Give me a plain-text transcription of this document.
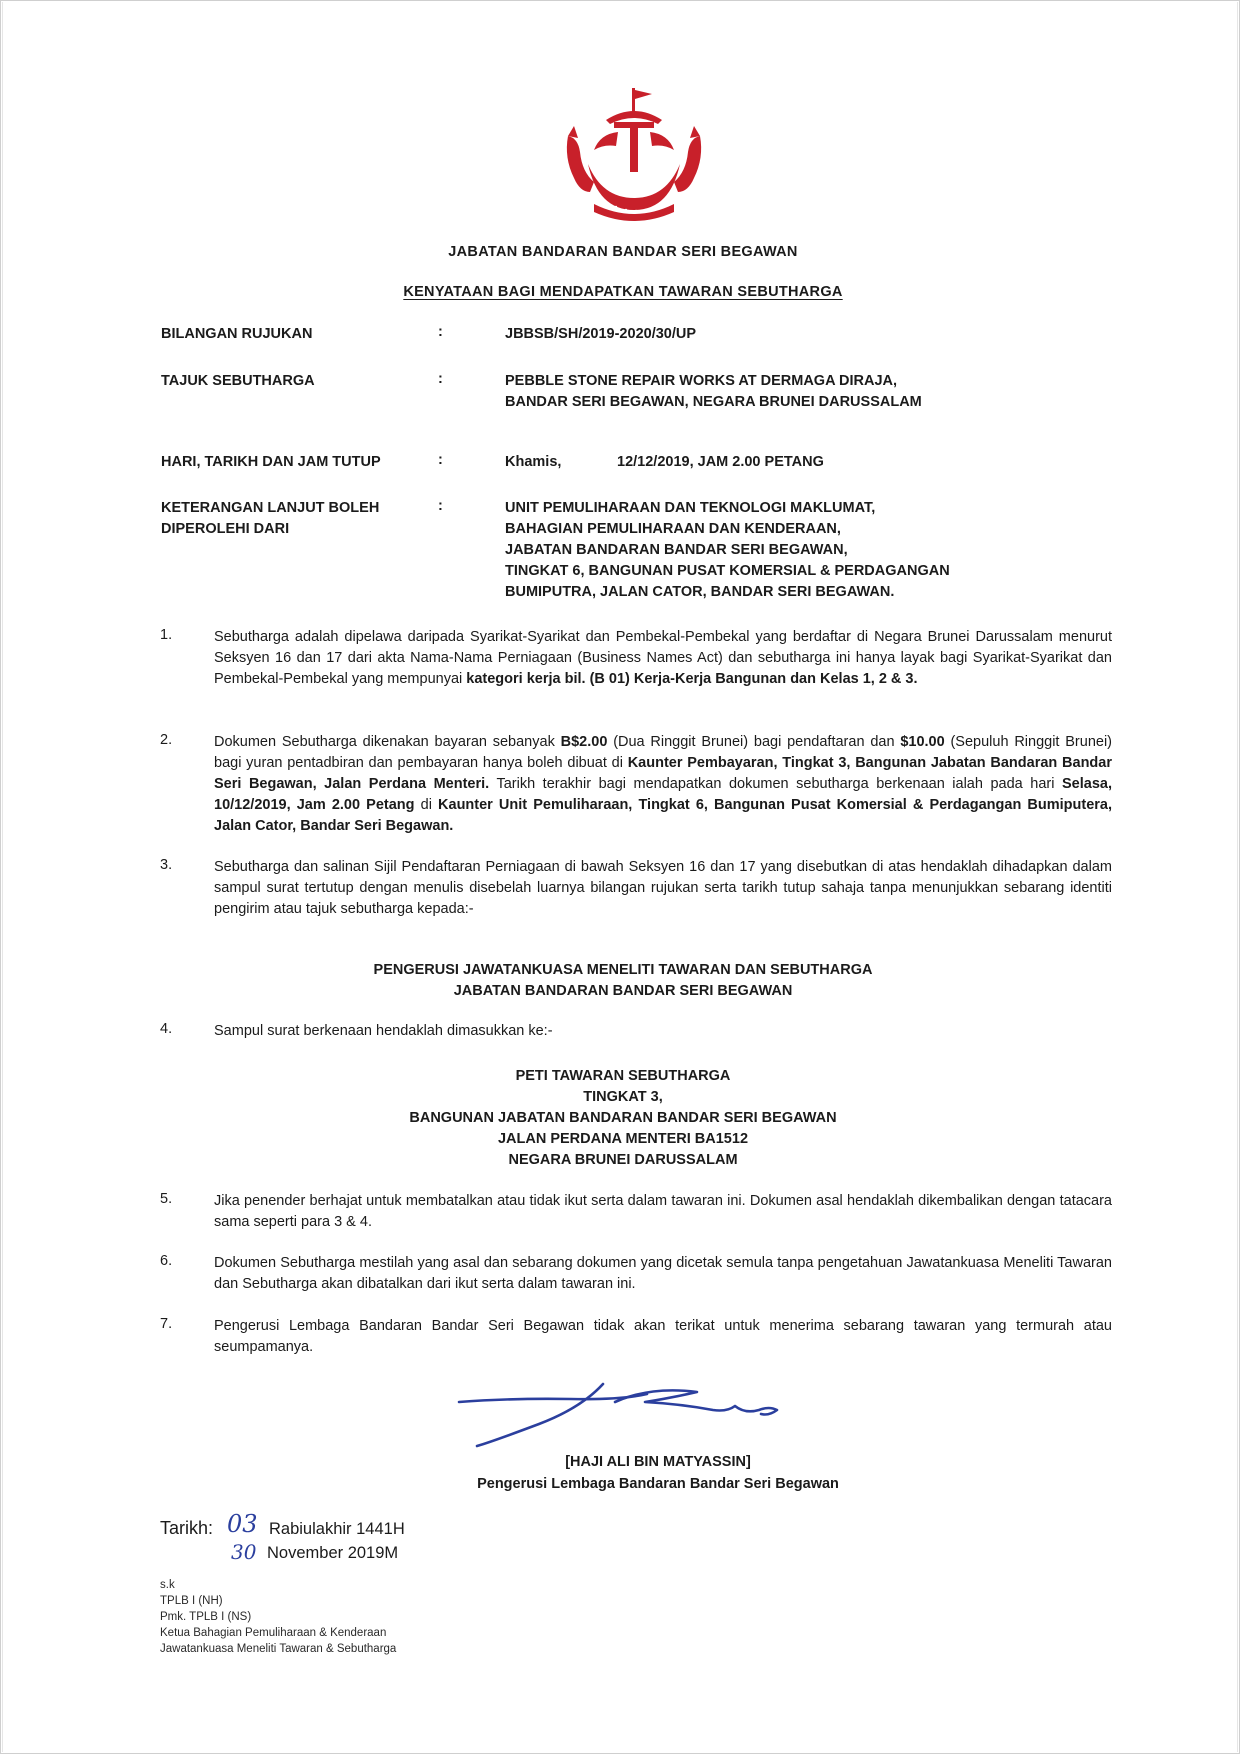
JABATAN BANDARAN BANDAR SERI BEGAWAN
KENYATAAN BAGI MENDAPATKAN TAWARAN SEBUTHARGA
BILANGAN RUJUKAN	:	JBBSB/SH/2019-2020/30/UP
TAJUK SEBUTHARGA	:	PEBBLE STONE REPAIR WORKS AT DERMAGA DIRAJA,
BANDAR SERI BEGAWAN, NEGARA BRUNEI DARUSSALAM
HARI, TARIKH DAN JAM TUTUP	:	Khamis,	12/12/2019, JAM 2.00 PETANG
KETERANGAN LANJUT BOLEH
DIPEROLEHI DARI
:	UNIT PEMULIHARAAN DAN TEKNOLOGI MAKLUMAT,
BAHAGIAN PEMULIHARAAN DAN KENDERAAN,
JABATAN BANDARAN BANDAR SERI BEGAWAN,
TINGKAT 6, BANGUNAN PUSAT KOMERSIAL & PERDAGANGAN
BUMIPUTRA, JALAN CATOR, BANDAR SERI BEGAWAN.
1.	Sebutharga adalah dipelawa daripada Syarikat-Syarikat dan Pembekal-Pembekal yang berdaftar di Negara Brunei Darussalam menurut Seksyen 16 dan 17 dari akta Nama-Nama Perniagaan (Business Names Act) dan sebutharga ini hanya layak bagi Syarikat-Syarikat dan Pembekal-Pembekal yang mempunyai kategori kerja bil. (B 01) Kerja-Kerja Bangunan dan Kelas 1, 2 & 3.
2.	Dokumen Sebutharga dikenakan bayaran sebanyak B$2.00 (Dua Ringgit Brunei) bagi pendaftaran dan $10.00 (Sepuluh Ringgit Brunei) bagi yuran pentadbiran dan pembayaran hanya boleh dibuat di Kaunter Pembayaran, Tingkat 3, Bangunan Jabatan Bandaran Bandar Seri Begawan, Jalan Perdana Menteri. Tarikh terakhir bagi mendapatkan dokumen sebutharga berkenaan ialah pada hari Selasa, 10/12/2019, Jam 2.00 Petang di Kaunter Unit Pemuliharaan, Tingkat 6, Bangunan Pusat Komersial & Perdagangan Bumiputera, Jalan Cator, Bandar Seri Begawan.
3.	Sebutharga dan salinan Sijil Pendaftaran Perniagaan di bawah Seksyen 16 dan 17 yang disebutkan di atas hendaklah dihadapkan dalam sampul surat tertutup dengan menulis disebelah luarnya bilangan rujukan serta tarikh tutup sahaja tanpa menunjukkan sebarang identiti pengirim atau tajuk sebutharga kepada:-
PENGERUSI JAWATANKUASA MENELITI TAWARAN DAN SEBUTHARGA
JABATAN BANDARAN BANDAR SERI BEGAWAN
4.	Sampul surat berkenaan hendaklah dimasukkan ke:-
PETI TAWARAN SEBUTHARGA
TINGKAT 3,
BANGUNAN JABATAN BANDARAN BANDAR SERI BEGAWAN
JALAN PERDANA MENTERI BA1512
NEGARA BRUNEI DARUSSALAM
5.	Jika penender berhajat untuk membatalkan atau tidak ikut serta dalam tawaran ini. Dokumen asal hendaklah dikembalikan dengan tatacara sama seperti para 3 & 4.
6.	Dokumen Sebutharga mestilah yang asal dan sebarang dokumen yang dicetak semula tanpa pengetahuan Jawatankuasa Meneliti Tawaran dan Sebutharga akan dibatalkan dari ikut serta dalam tawaran ini.
7.	Pengerusi Lembaga Bandaran Bandar Seri Begawan tidak akan terikat untuk menerima sebarang tawaran yang termurah atau seumpamanya.
[HAJI ALI BIN MATYASSIN]
Pengerusi Lembaga Bandaran Bandar Seri Begawan
Tarikh: 03 Rabiulakhir 1441H
30 November 2019M
s.k
TPLB I (NH)
Pmk. TPLB I (NS)
Ketua Bahagian Pemuliharaan & Kenderaan
Jawatankuasa Meneliti Tawaran & Sebutharga
